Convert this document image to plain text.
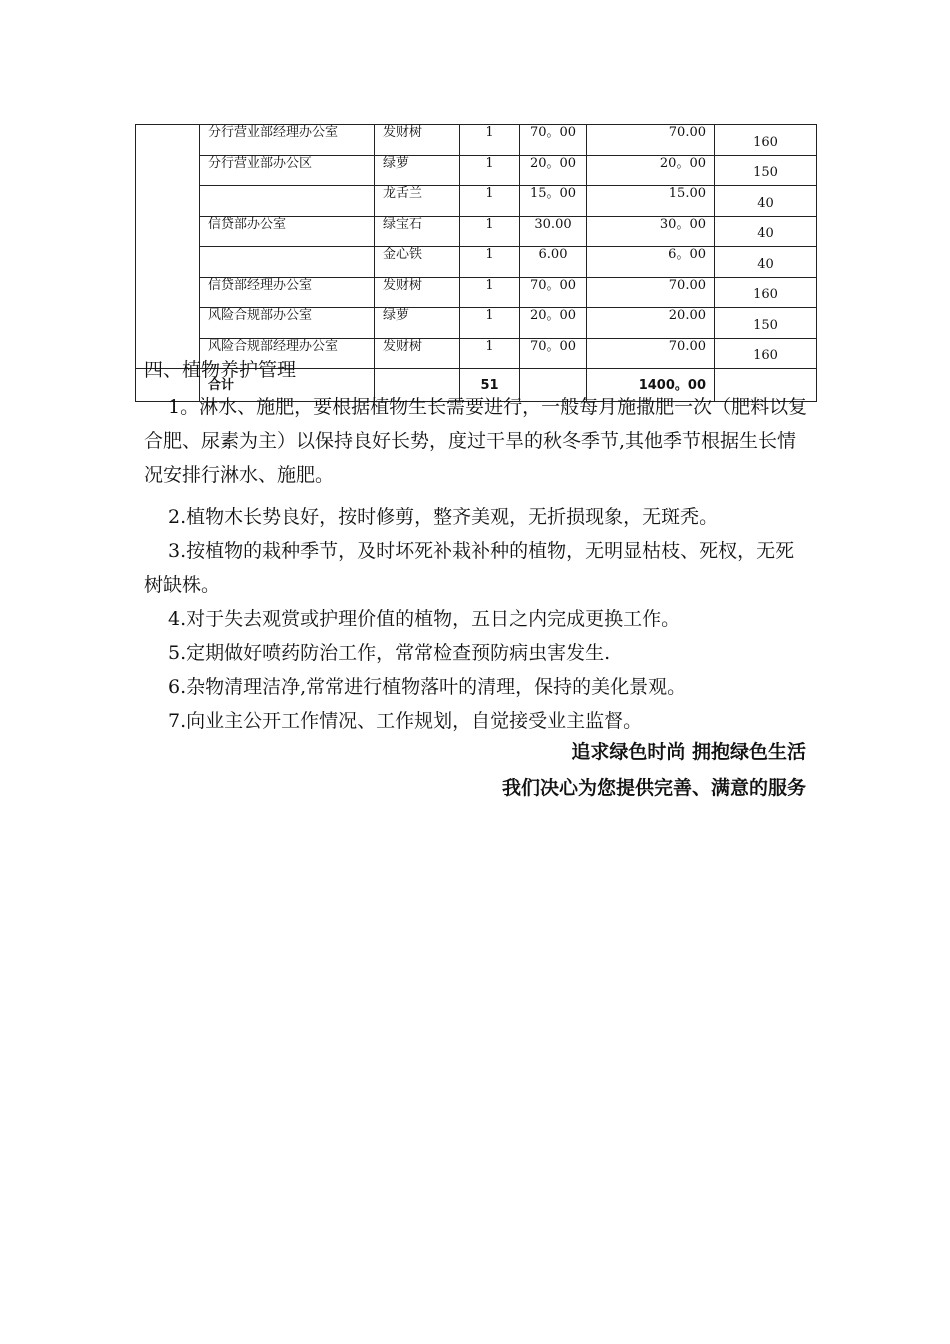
	分行营业部经理办公室	发财树	1	70。00	70.00	160
	分行营业部办公区	绿萝	1	20。00	20。00	150
		龙舌兰	1	15。00	15.00	40
	信贷部办公室	绿宝石	1	30.00	30。00	40
		金心铁	1	6.00	6。00	40
	信贷部经理办公室	发财树	1	70。00	70.00	160
	风险合规部办公室	绿萝	1	20。00	20.00	150
	风险合规部经理办公室	发财树	1	70。00	70.00	160
	合计		51		1400。00	
四、植物养护管理
1。淋水、施肥，要根据植物生长需要进行，一般每月施撒肥一次（肥料以复合肥、尿素为主）以保持良好长势，度过干旱的秋冬季节,其他季节根据生长情况安排行淋水、施肥。
2.植物木长势良好，按时修剪，整齐美观，无折损现象，无斑秃。
3.按植物的栽种季节，及时坏死补栽补种的植物，无明显枯枝、死杈，无死树缺株。
4.对于失去观赏或护理价值的植物，五日之内完成更换工作。
5.定期做好喷药防治工作，常常检查预防病虫害发生.
6.杂物清理洁净,常常进行植物落叶的清理，保持的美化景观。
7.向业主公开工作情况、工作规划，自觉接受业主监督。
追求绿色时尚 拥抱绿色生活
我们决心为您提供完善、满意的服务
